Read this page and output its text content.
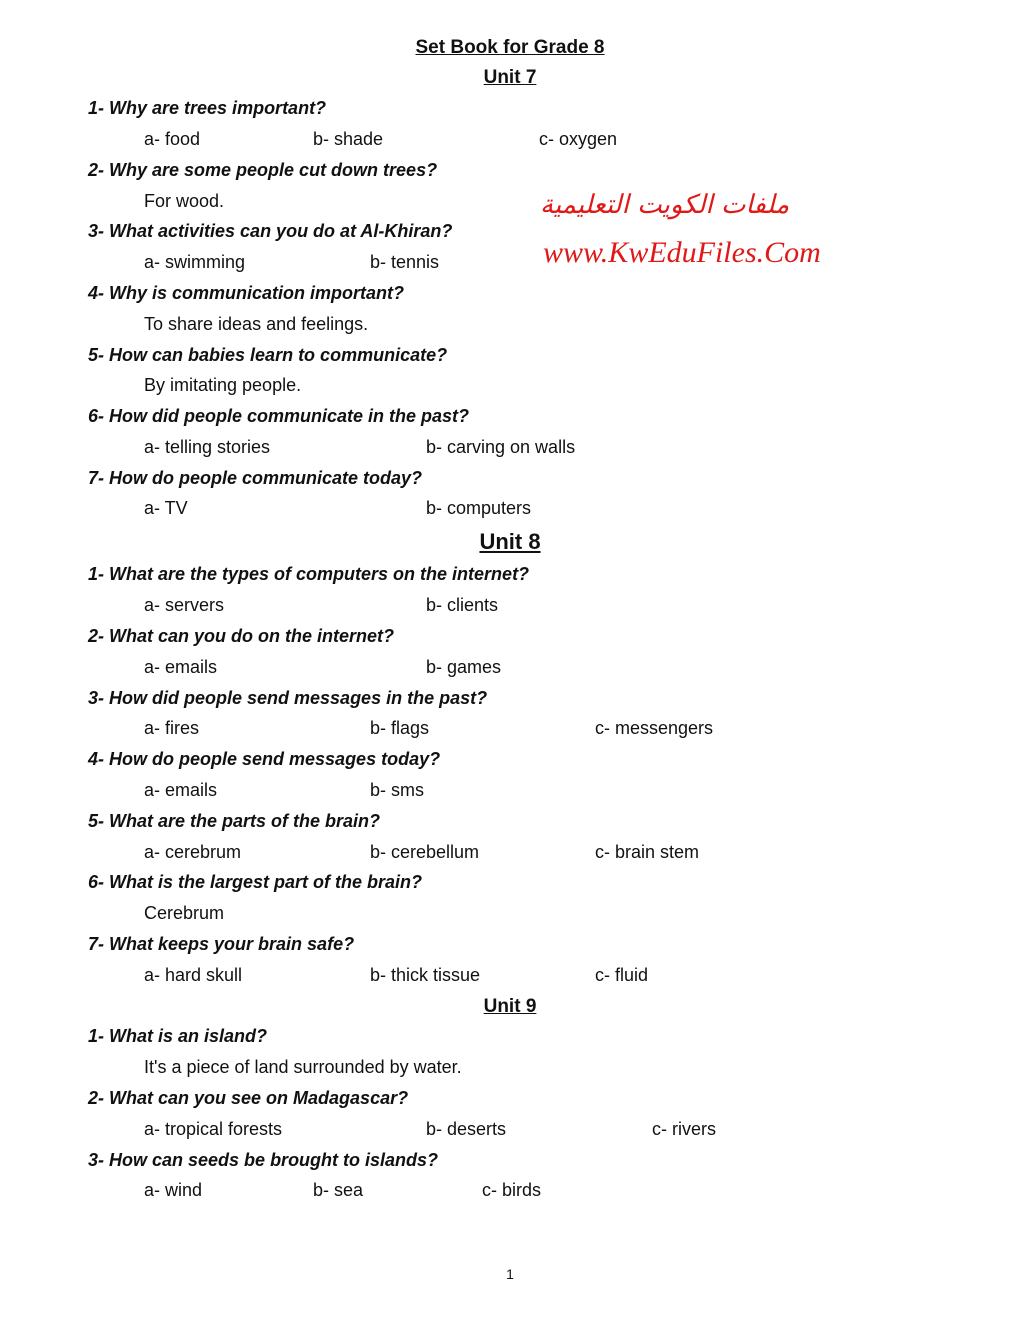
Set Book for Grade 8
Unit 7

1- Why are trees important?

a- food	b- shade	c- oxygen

2- Why are some people cut down trees?

For wood.

3- What activities can you do at Al-Khiran?

a- swimming	b- tennis

4- Why is communication important?

To share ideas and feelings.

5- How can babies learn to communicate?

By imitating people.

6- How did people communicate in the past?

a- telling stories	b- carving on walls

7- How do people communicate today?

a- TV	b- computers

Unit 8

1- What are the types of computers on the internet?

a- servers	b- clients

2- What can you do on the internet?

a- emails	b- games

3- How did people send messages in the past?

a- fires	b- flags	c- messengers

4- How do people send messages today?

a- emails	b- sms

5- What are the parts of the brain?

a- cerebrum	b- cerebellum	c- brain stem

6- What is the largest part of the brain?

Cerebrum

7- What keeps your brain safe?

a- hard skull	b- thick tissue	c- fluid

Unit 9

1- What is an island?

It's a piece of land surrounded by water.

2- What can you see on Madagascar?

a- tropical forests	b- deserts	c- rivers

3- How can seeds be brought to islands?

a- wind	b- sea	c- birds

ملفات الكويت التعليمية
www.KwEduFiles.Com
1
